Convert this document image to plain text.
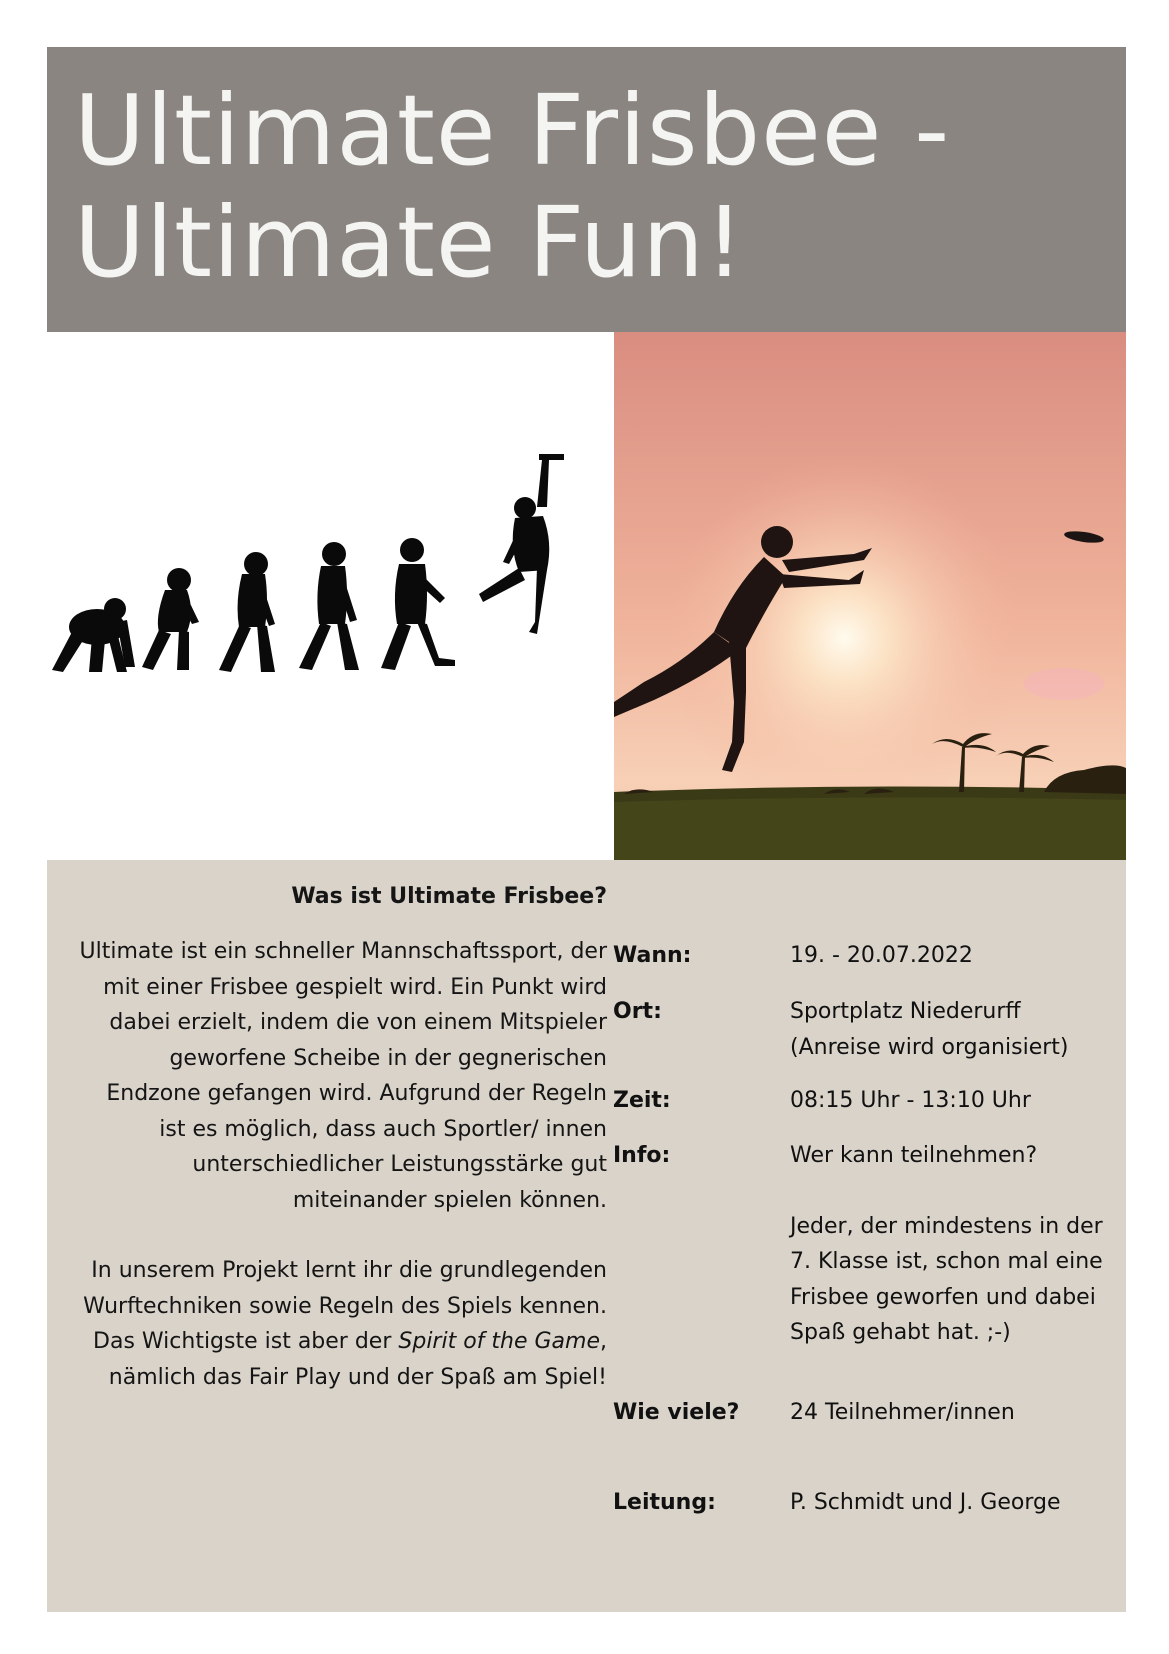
Ultimate Frisbee -
Ultimate Fun!
Was ist Ultimate Frisbee?

Ultimate ist ein schneller Mannschaftssport, der mit einer Frisbee gespielt wird. Ein Punkt wird dabei erzielt, indem die von einem Mitspieler geworfene Scheibe in der gegnerischen Endzone gefangen wird. Aufgrund der Regeln ist es möglich, dass auch Sportler/ innen unterschiedlicher Leistungsstärke gut miteinander spielen können.

In unserem Projekt lernt ihr die grundlegenden Wurftechniken sowie Regeln des Spiels kennen. Das Wichtigste ist aber der Spirit of the Game, nämlich das Fair Play und der Spaß am Spiel!

Wann:	19. - 20.07.2022
Ort:	Sportplatz Niederurff
(Anreise wird organisiert)
Zeit:	08:15 Uhr - 13:10 Uhr
Info:	Wer kann teilnehmen?
Jeder, der mindestens in der 7. Klasse ist, schon mal eine Frisbee geworfen und dabei Spaß gehabt hat. ;-)
Wie viele?	24 Teilnehmer/innen
Leitung:	P. Schmidt und J. George
